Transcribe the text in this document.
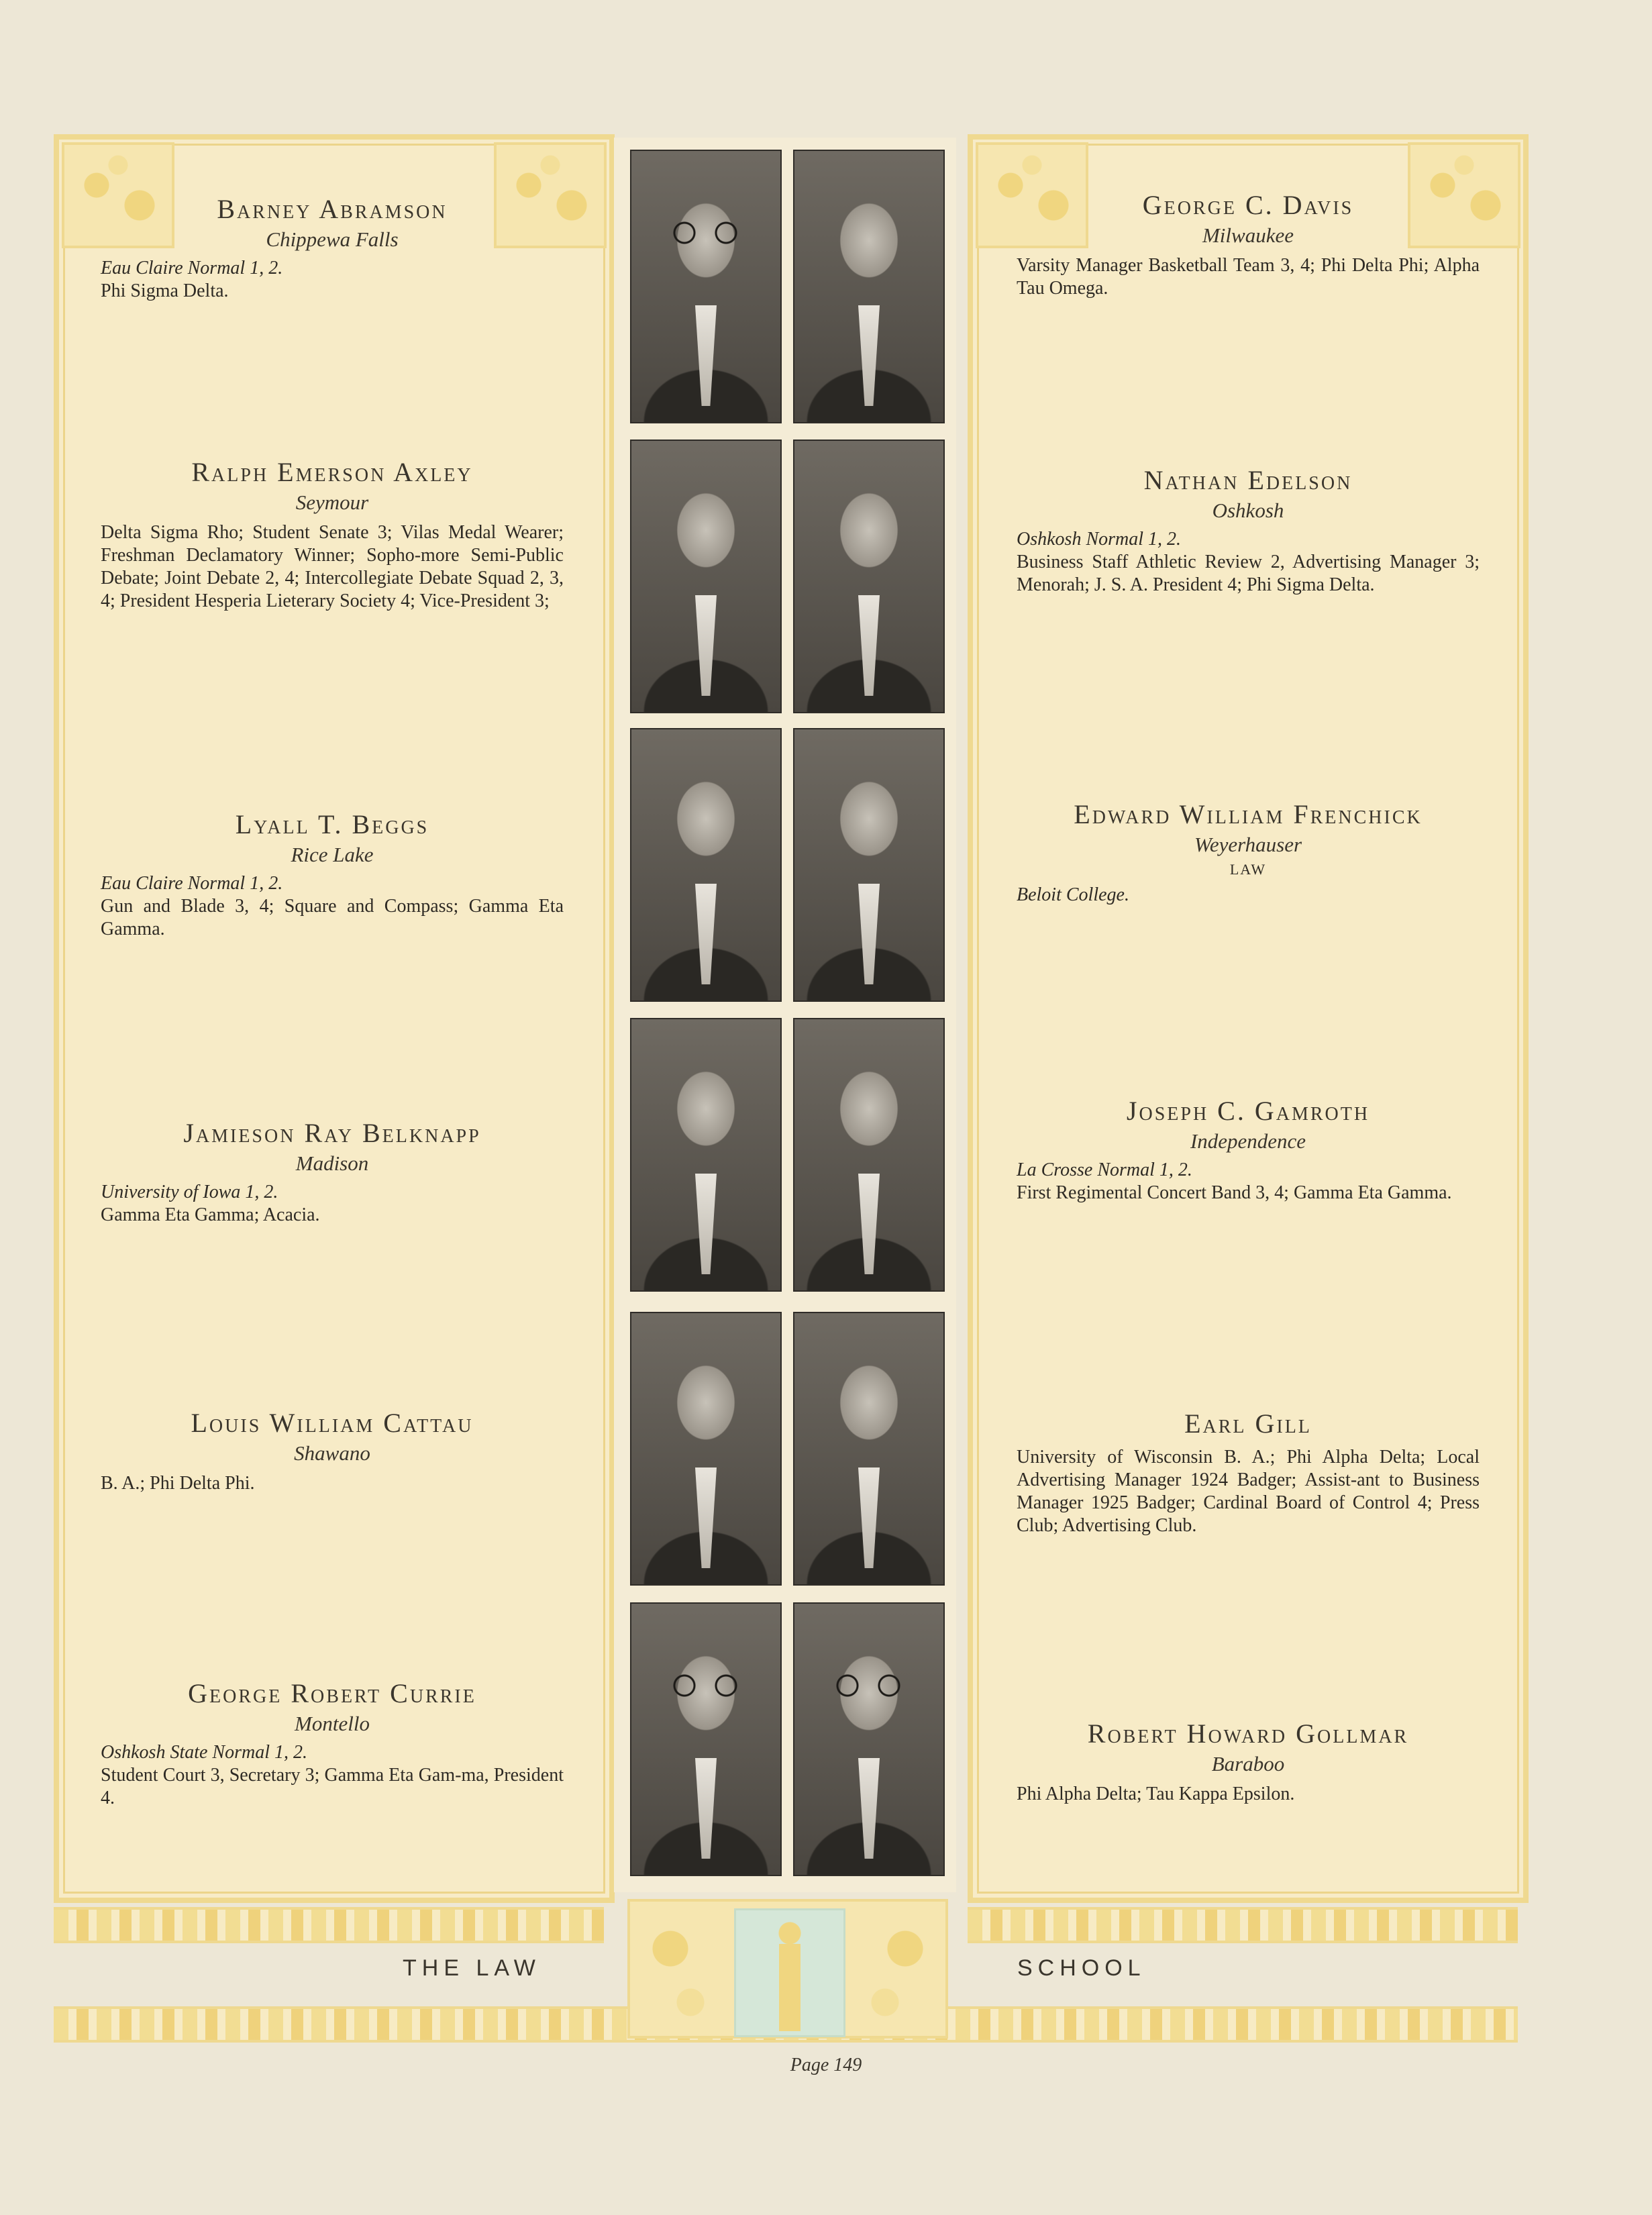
Barney Abramson
Chippewa Falls
Eau Claire Normal 1, 2.
Phi Sigma Delta.
Ralph Emerson Axley
Seymour
Delta Sigma Rho; Student Senate 3; Vilas Medal Wearer; Freshman Declamatory Winner; Sopho-more Semi-Public Debate; Joint Debate 2, 4; Intercollegiate Debate Squad 2, 3, 4; President Hesperia Lieterary Society 4; Vice-President 3;
Lyall T. Beggs
Rice Lake
Eau Claire Normal 1, 2.
Gun and Blade 3, 4; Square and Compass; Gamma Eta Gamma.
Jamieson Ray Belknapp
Madison
University of Iowa 1, 2.
Gamma Eta Gamma; Acacia.
Louis William Cattau
Shawano
B. A.; Phi Delta Phi.
George Robert Currie
Montello
Oshkosh State Normal 1, 2.
Student Court 3, Secretary 3; Gamma Eta Gam-ma, President 4.
George C. Davis
Milwaukee
Varsity Manager Basketball Team 3, 4; Phi Delta Phi; Alpha Tau Omega.
Nathan Edelson
Oshkosh
Oshkosh Normal 1, 2.
Business Staff Athletic Review 2, Advertising Manager 3; Menorah; J. S. A. President 4; Phi Sigma Delta.
Edward William Frenchick
Weyerhauser
LAW
Beloit College.
Joseph C. Gamroth
Independence
La Crosse Normal 1, 2.
First Regimental Concert Band 3, 4; Gamma Eta Gamma.
Earl Gill
University of Wisconsin B. A.; Phi Alpha Delta; Local Advertising Manager 1924 Badger; Assist-ant to Business Manager 1925 Badger; Cardinal Board of Control 4; Press Club; Advertising Club.
Robert Howard Gollmar
Baraboo
Phi Alpha Delta; Tau Kappa Epsilon.
THE LAW	SCHOOL
Page 149
